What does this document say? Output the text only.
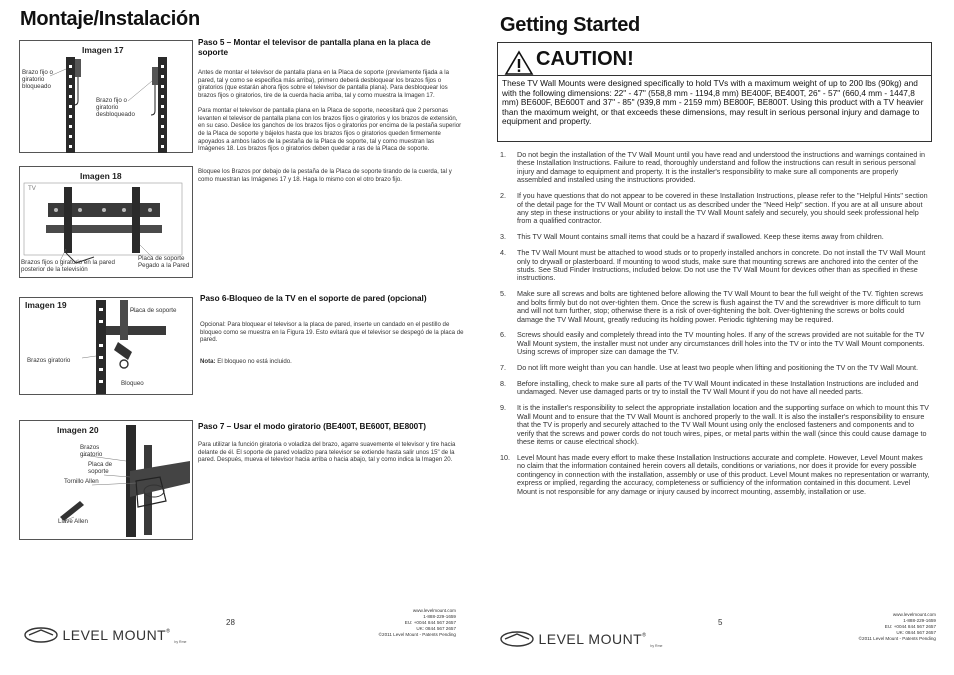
Montaje/Instalación
Imagen 17
Brazo fijo o giratorio bloqueado
Brazo fijo o giratorio desbloqueado
Imagen 18
TV
Brazos fijos o giratorio en la pared posterior de la televisión
Placa de soporte Pegado a la Pared
Imagen 19
Placa de soporte
Brazos giratorio
Bloqueo
Imagen 20
Brazos giratorio
Placa de soporte
Tornillo Allen
Llave Allen
Paso 5 – Montar el televisor de pantalla plana en la placa de soporte

Antes de montar el televisor de pantalla plana en la Placa de soporte (previamente fijada a la pared, tal y como se especifica más arriba), primero deberá desbloquear los brazos fijos o giratorios (que estarán ahora fijos sobre el televisor de pantalla plana). Para desbloquear los brazos fijos o giratorios, tire de la cuerda hacia arriba, tal y como muestra la Imagen 17.

Para montar el televisor de pantalla plana en la Placa de soporte, necesitará que 2 personas levanten el televisor de pantalla plana con los brazos fijos o giratorios y los brazos de extensión, en su caso. Deslice los ganchos de los brazos fijos o giratorios por encima de la pestaña superior de la Placa de soporte y bájelos hasta que los brazos fijos o giratorios queden firmemente apoyados a ambos lados de la pestaña de la Placa de soporte, tal y como muestran las Imágenes 18. Los brazos fijos o giratorios deben quedar a ras de la Placa de soporte.

Bloquee los Brazos por debajo de la pestaña de la Placa de soporte tirando de la cuerda, tal y como muestran las Imágenes 17 y 18. Haga lo mismo con el otro brazo fijo.

Paso 6-Bloqueo de la TV en el soporte de pared (opcional)

Opcional: Para bloquear el televisor a la placa de pared, inserte un candado en el pestillo de bloqueo como se muestra en la Figura 19. Esto evitará que el televisor se despegó de la placa de pared.

Nota: El bloqueo no está incluido.

Paso 7 – Usar el modo giratorio (BE400T, BE600T, BE800T)

Para utilizar la función giratoria o voladiza del brazo, agarre suavemente el televisor y tire hacia delante de él. El soporte de pared voladizo para televisor se extiende hasta salir unos 15" de la pared. Después, mueva el televisor hacia arriba o hacia abajo, tal y como indica la Imagen 20.

LEVEL MOUNT® by Rme
28
www.levelmount.com
1-888-229-1659
EU: +0044 844 567 2657
UK: 0844 567 2657
©2011 Level Mount - Patents Pending
Getting Started
CAUTION!

These TV Wall Mounts were designed specifically to hold TVs with a maximum weight of up to 200 lbs (90kg) and with the following dimensions: 22" - 47" (558,8 mm - 1194,8 mm) BE400F, BE400T, 26" - 57" (660,4 mm - 1447,8 mm) BE600F, BE600T and 37" - 85" (939,8 mm - 2159 mm) BE800F, BE800T. Using this product with a TV heavier than the maximum weight, or that exceeds these dimensions, may result in serious personal injury and damage to equipment and property.

1. Do not begin the installation of the TV Wall Mount until you have read and understood the instructions and warnings contained in these Installation Instructions. Failure to read, thoroughly understand and follow the instructions can result in serious personal injury and damage to equipment and property. It is the installer's responsibility to make sure all components are properly assembled and installed using the instructions provided.
2. If you have questions that do not appear to be covered in these Installation Instructions, please refer to the "Helpful Hints" section of the detail page for the TV Wall Mount or contact us as described under the "Need Help" section. If you are at all unsure about any step in these instructions or your ability to install the TV Wall Mount safely and securely, you should seek professional help from a qualified contractor.
3. This TV Wall Mount contains small items that could be a hazard if swallowed. Keep these items away from children.
4. The TV Wall Mount must be attached to wood studs or to properly installed anchors in concrete. Do not install the TV Wall Mount only to drywall or plasterboard. If mounting to wood studs, make sure that mounting screws are anchored into the center of the studs. See Stud Finder Instructions, included below. Do not use the TV Wall Mount for devices other than as specified in these instructions.
5. Make sure all screws and bolts are tightened before allowing the TV Wall Mount to bear the full weight of the TV. Tighten screws and bolts firmly but do not over-tighten them. Once the screw is flush against the TV and the screwdriver is more difficult to turn and will not turn further, stop; otherwise there is a risk of over-tightening the bolt. Over-tightening the screws or bolts could damage the TV Wall Mount, greatly reducing its holding power. Periodic tightening may be required.
6. Screws should easily and completely thread into the TV mounting holes. If any of the screws provided are not suitable for the TV Wall Mount system, the installer must not under any circumstances drill holes into the TV or into the TV Wall Mount components. Using screws of improper size can damage the TV.
7. Do not lift more weight than you can handle. Use at least two people when lifting and positioning the TV on the TV Wall Mount.
8. Before installing, check to make sure all parts of the TV Wall Mount indicated in these Installation Instructions are included and undamaged. Never use damaged parts or try to install the TV Wall Mount if you do not have all needed parts.
9. It is the installer's responsibility to select the appropriate installation location and the supporting surface on which to mount this TV Wall Mount and to ensure that the TV Wall Mount is anchored properly to the wall. It is also the installer's responsibility to ensure that the TV is properly and securely attached to the TV Wall Mount using only the enclosed fasteners and components and to verify that the screws and power cords do not touch wires, pipes, or metal parts within the wall (since this could cause damage to these items or cause electrical shock).
10. Level Mount has made every effort to make these Installation Instructions accurate and complete. However, Level Mount makes no claim that the information contained herein covers all details, conditions or variations, nor does it provide for every possible contingency in connection with the installation, assembly or use of this product. Level Mount makes no representation or warranty, express or implied, regarding the accuracy, completeness or sufficiency of the information contained in this document. Level Mount is not responsible for any damage or injury caused by incorrect mounting, assembly, installation or use.
LEVEL MOUNT® by Rme
5
www.levelmount.com
1-888-229-1659
EU: +0044 844 567 2657
UK: 0844 567 2657
©2011 Level Mount - Patents Pending
